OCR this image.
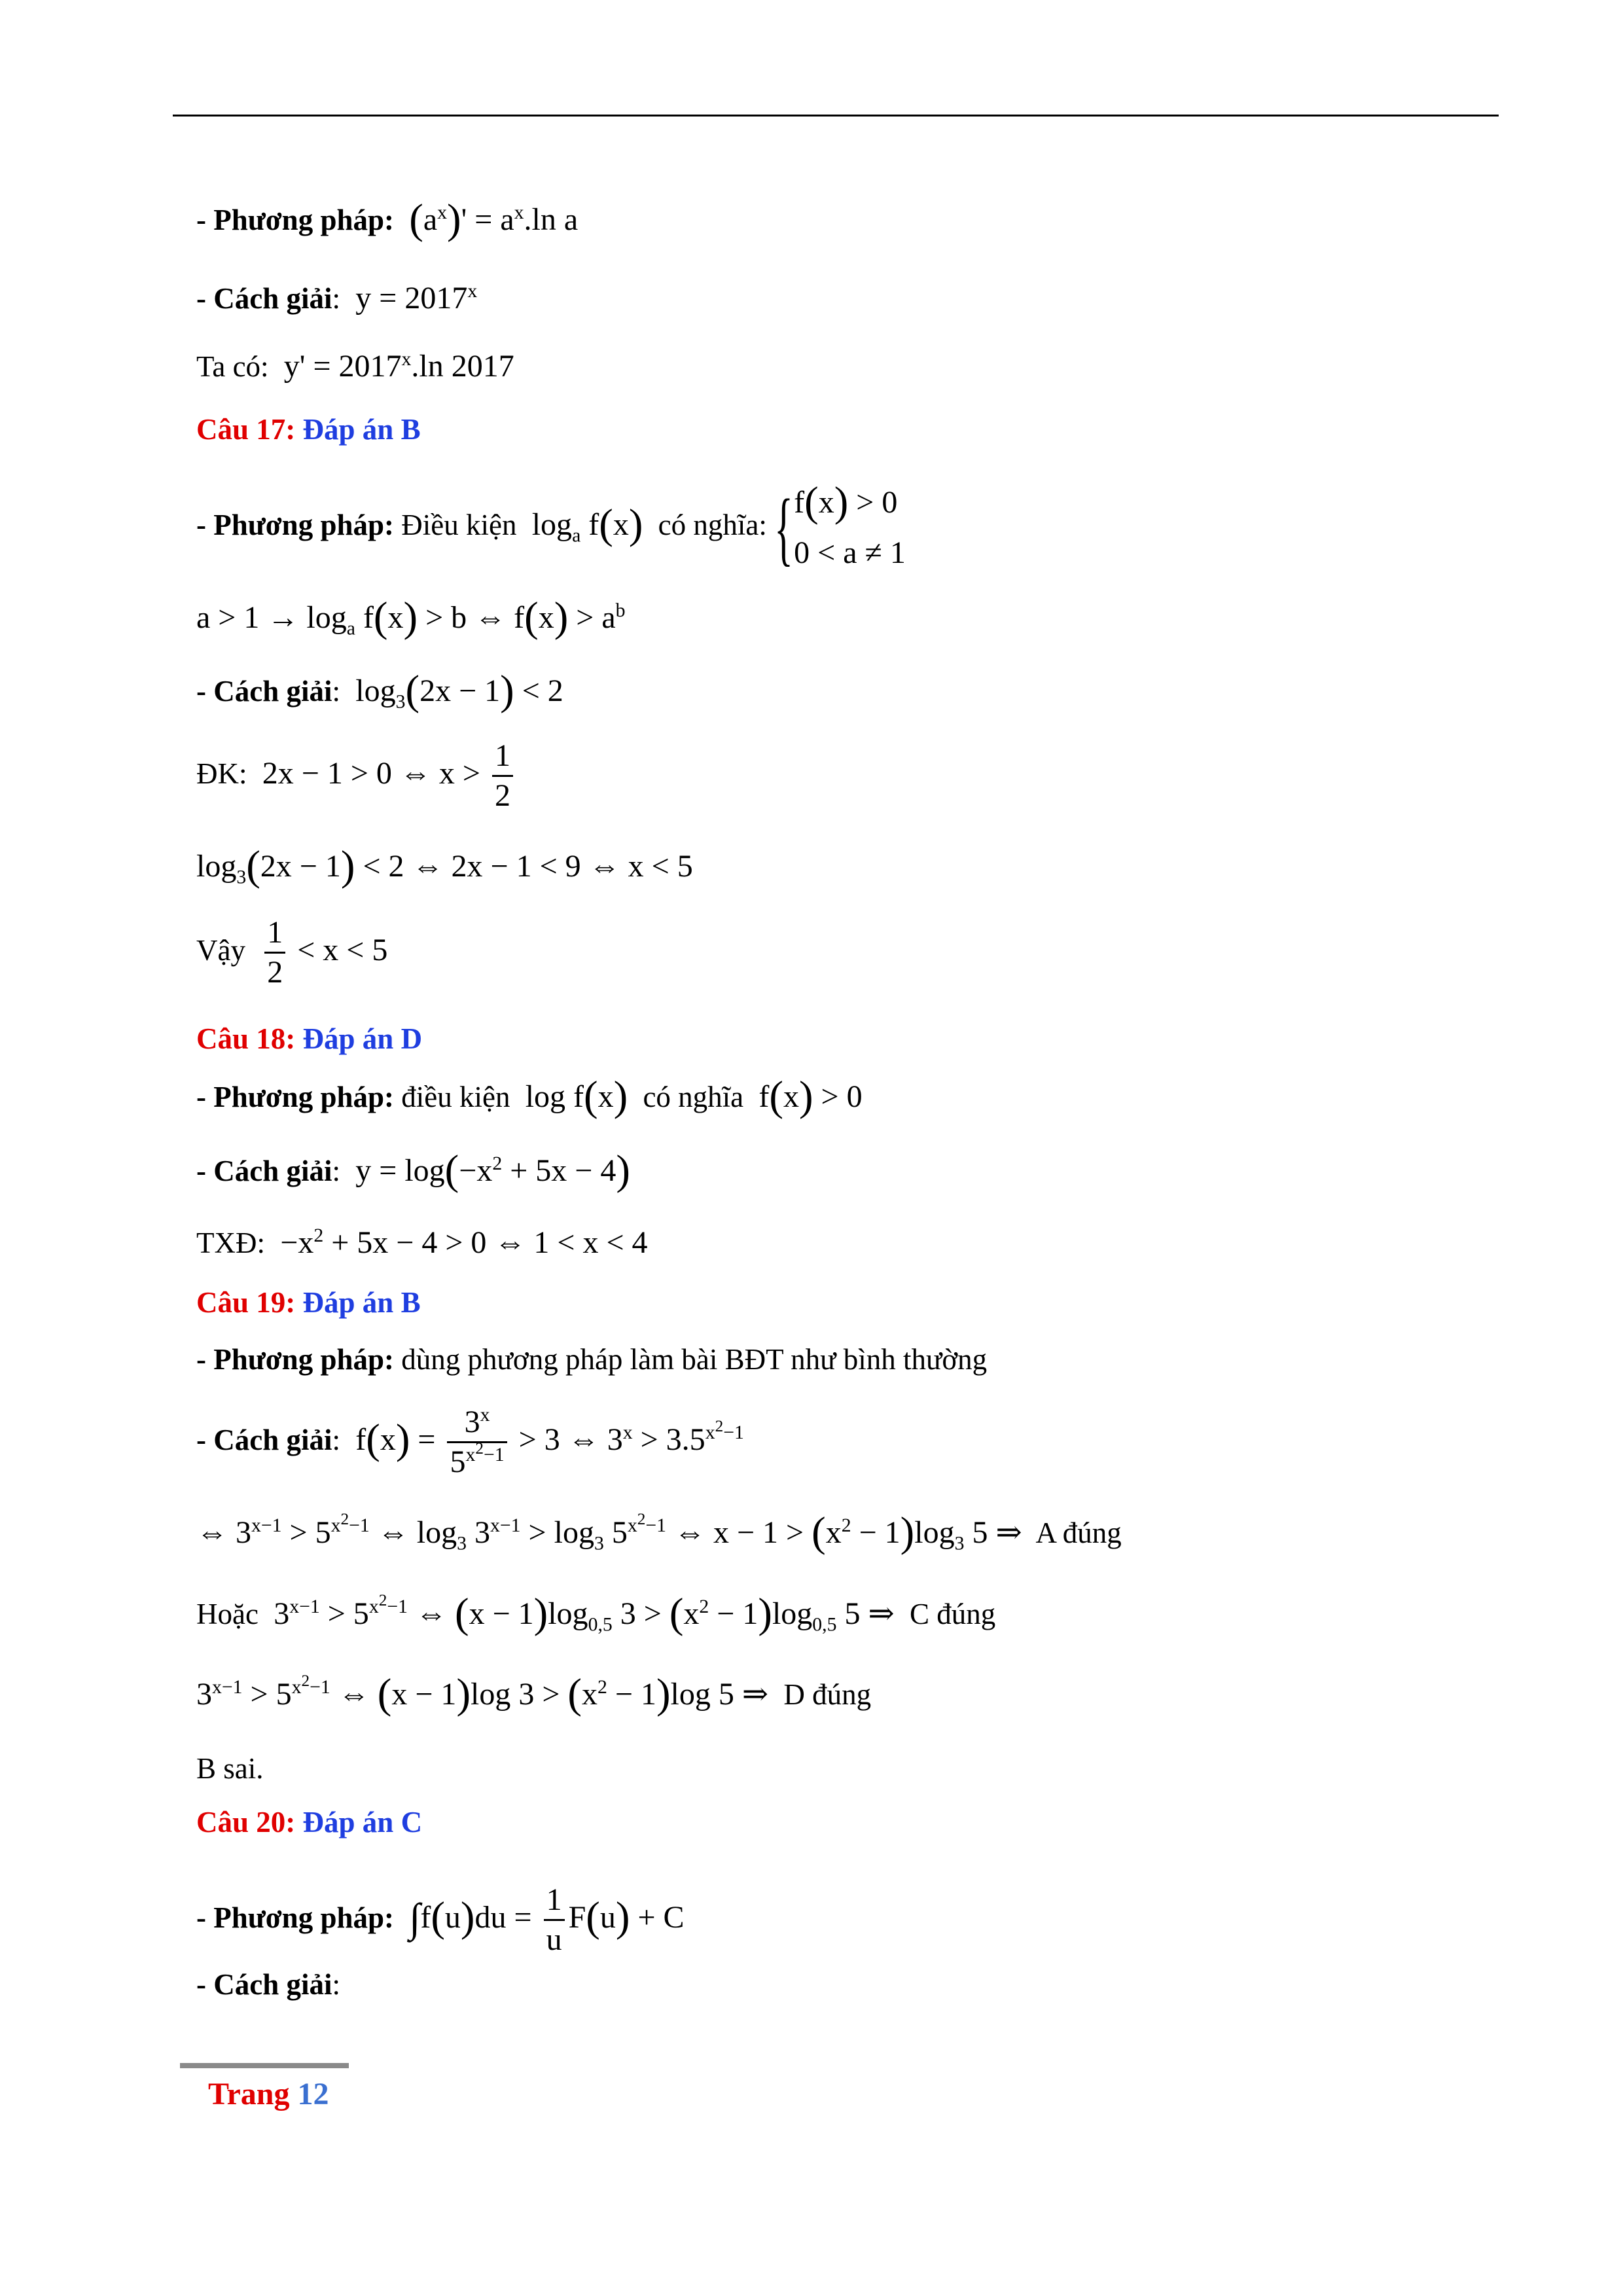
- Phương pháp: $(a^x)' = a^x.\ln$ a
- Cách giải:  $y = 2017^x$
Ta có:  $y' = 2017^x.\ln$ 2017
Câu 17: Đáp án B
- Phương pháp: Điều kiện  $\log_a f(x)$ có nghĩa:
{ f(x) > 0
0 < a ≠ 1
$a > 1 \to \log_a f(x) > b$ ⇔ $f(x) > a^b$
- Cách giải:  $\log_3(2x - 1) < 2$
ĐK:  2x − 1 > 0 ⇔ $x > \frac{1}{2}$
$\log_3(2x - 1) < 2$ ⇔ 2x − 1 < 9 ⇔ x < 5
Vậy $\frac{1}{2} < x < 5$
Câu 18: Đáp án D
- Phương pháp: điều kiện  log f(x) có nghĩa  f(x) > 0
- Cách giải:  $y = \log(-x^2 + 5x - 4)$
TXĐ:  $-x^2 + 5x - 4 > 0$ ⇔ 1 < x < 4
Câu 19: Đáp án B
- Phương pháp: dùng phương pháp làm bài BĐT như bình thường
- Cách giải:  $f(x) = \frac{3^x}{5^{x^2-1}} > 3$ ⇔ $3^x > 3.5^{x^2-1}$
⇔ $3^{x-1} > 5^{x^2-1}$ ⇔ $\log_3 3^{x-1} > \log_3 5^{x^2-1}$ ⇔ $x - 1 > (x^2 - 1)\log_3$ 5 ⇒  A đúng
Hoặc  $3^{x-1} > 5^{x^2-1}$ ⇔ $(x - 1)\log_{0,5}$ $3 > (x^2 - 1)\log_{0,5}$ 5 ⇒  C đúng
$3^{x-1} > 5^{x^2-1}$ ⇔ (x − 1)log $3 > (x^2 - 1)\log$ 5 ⇒  D đúng
B sai.
Câu 20: Đáp án C
- Phương pháp: $\int f(u)du = \frac{1}{u} F(u) + C$
- Cách giải:
Trang 12
